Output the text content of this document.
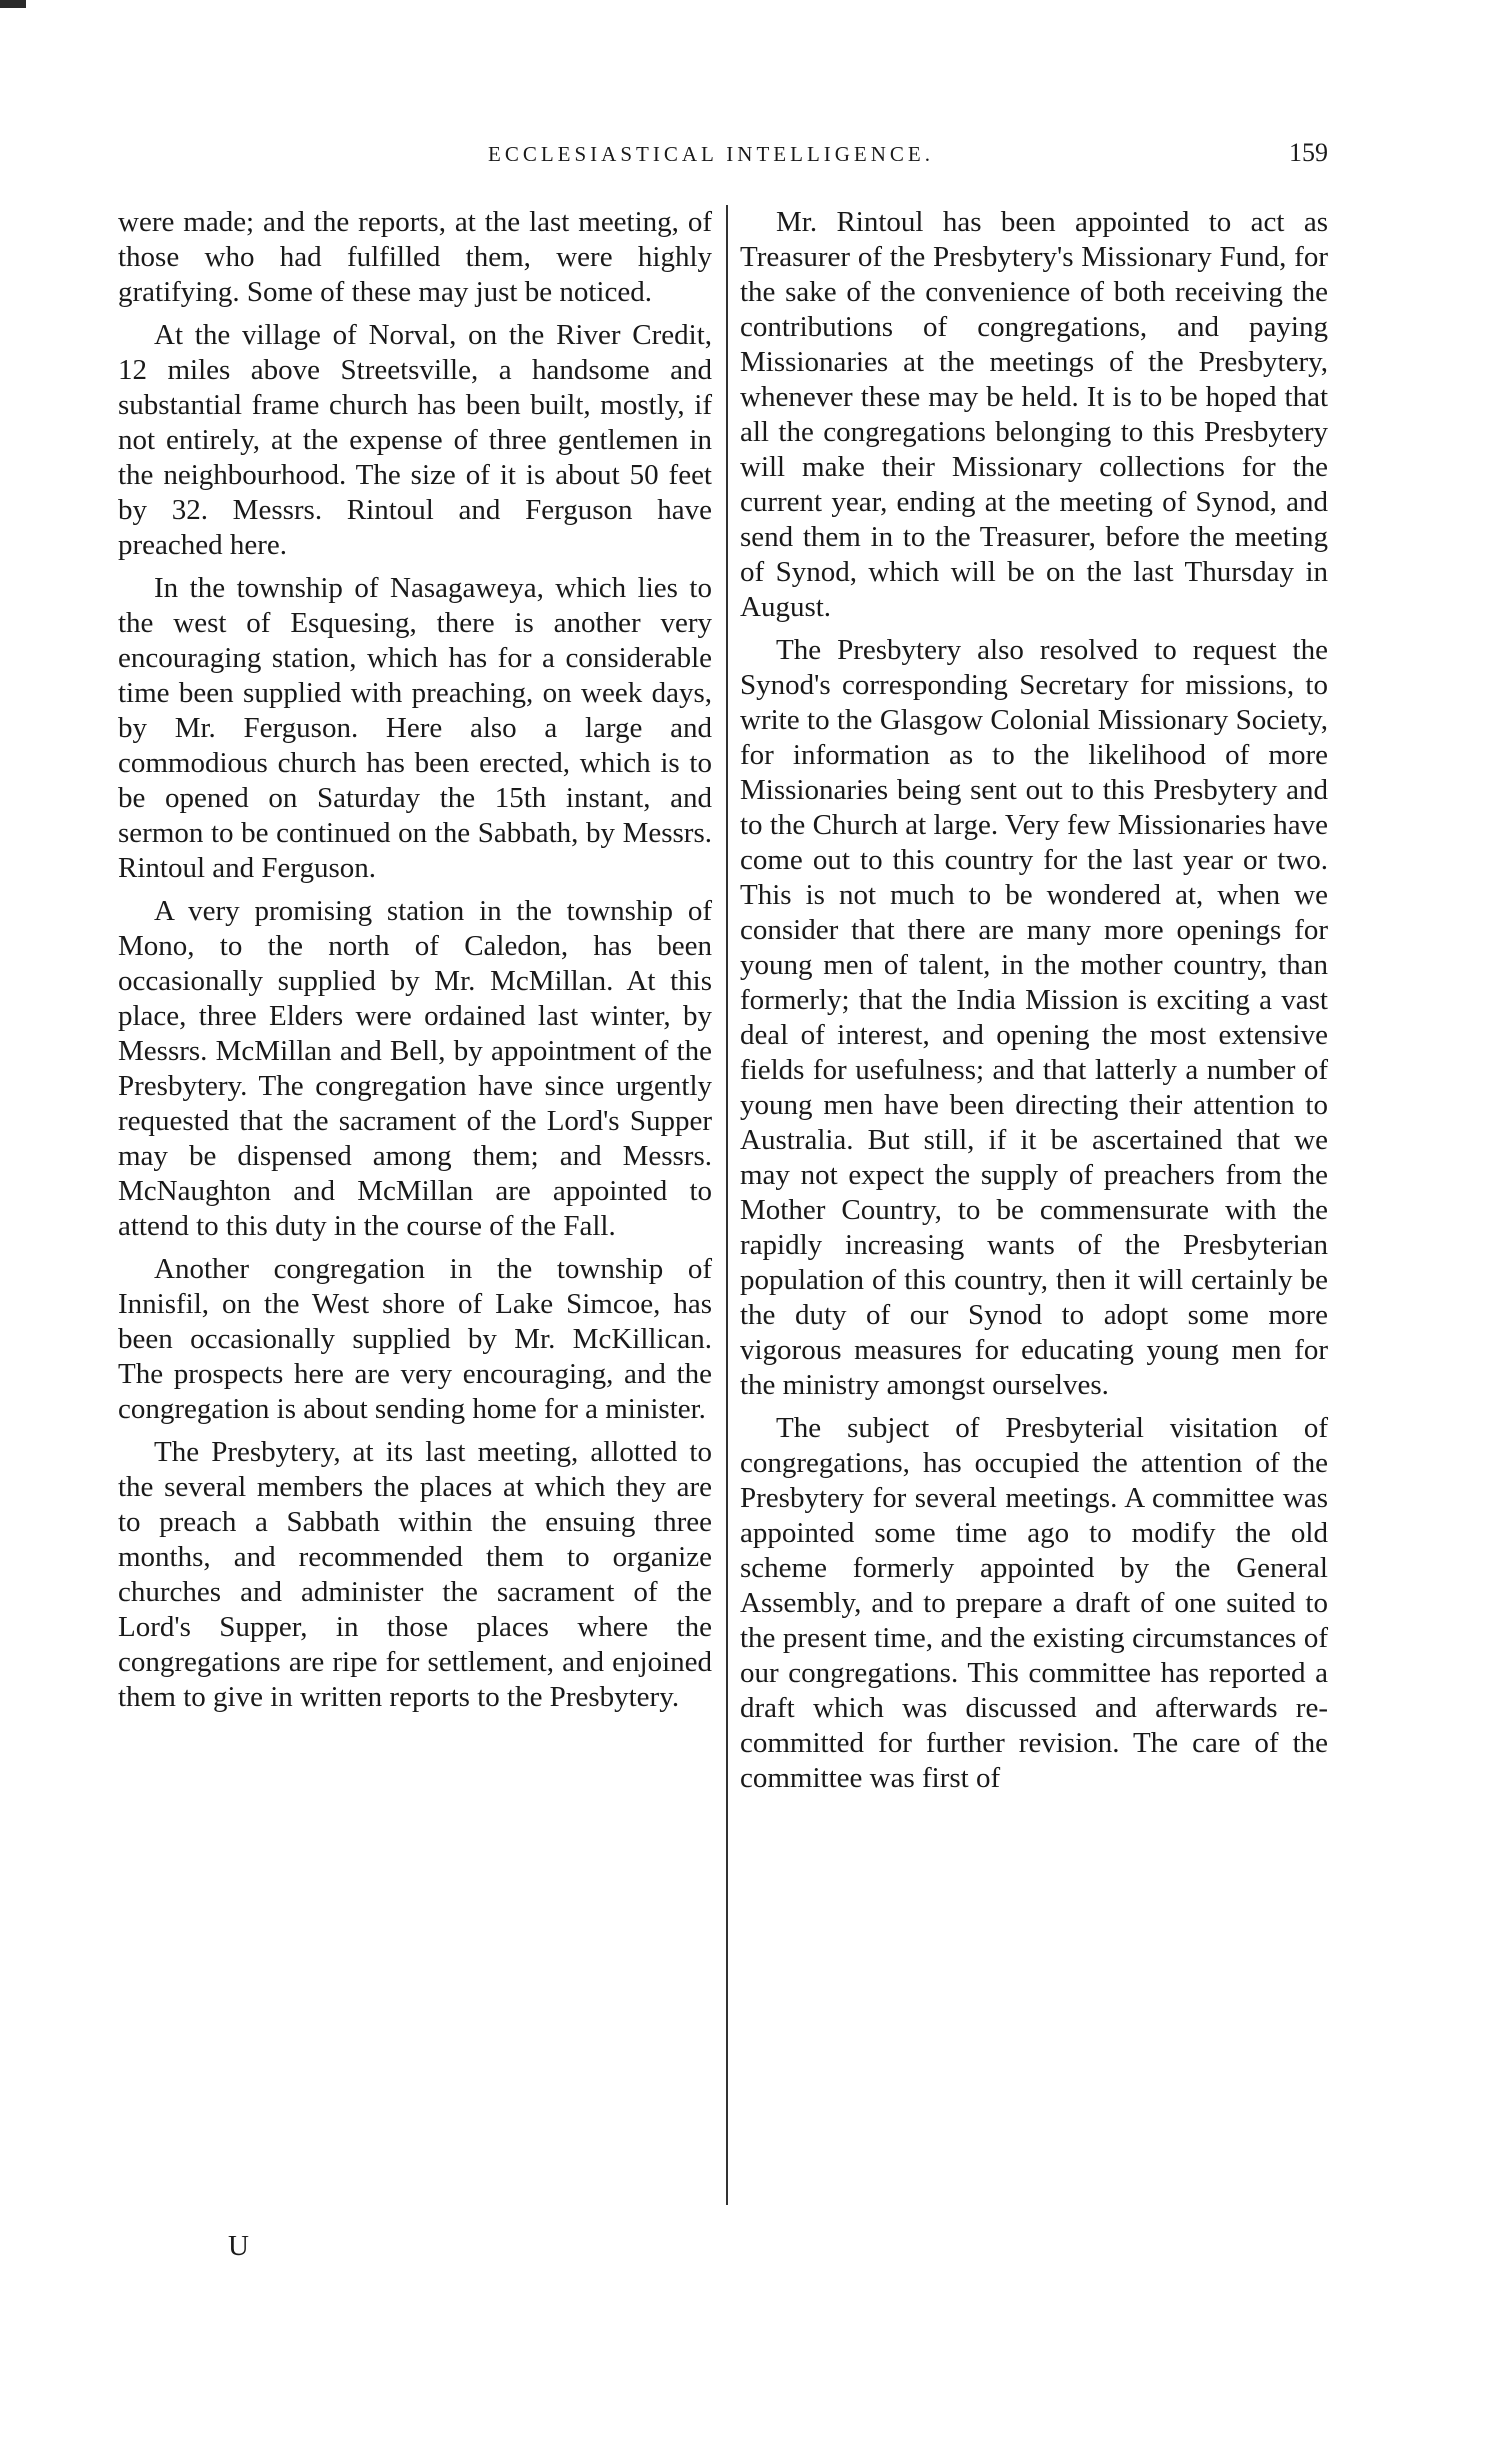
ECCLESIASTICAL INTELLIGENCE.	159

were made; and the reports, at the last meeting, of those who had fulfilled them, were highly gratifying. Some of these may just be noticed.

At the village of Norval, on the River Credit, 12 miles above Streetsville, a handsome and substantial frame church has been built, mostly, if not entirely, at the expense of three gentlemen in the neighbourhood. The size of it is about 50 feet by 32. Messrs. Rintoul and Ferguson have preached here.

In the township of Nasagaweya, which lies to the west of Esquesing, there is another very encouraging station, which has for a considerable time been supplied with preaching, on week days, by Mr. Ferguson. Here also a large and commodious church has been erected, which is to be opened on Saturday the 15th instant, and sermon to be continued on the Sabbath, by Messrs. Rintoul and Ferguson.

A very promising station in the township of Mono, to the north of Caledon, has been occasionally supplied by Mr. McMillan. At this place, three Elders were ordained last winter, by Messrs. McMillan and Bell, by appointment of the Presbytery. The congregation have since urgently requested that the sacrament of the Lord's Supper may be dispensed among them; and Messrs. McNaughton and McMillan are appointed to attend to this duty in the course of the Fall.

Another congregation in the township of Innisfil, on the West shore of Lake Simcoe, has been occasionally supplied by Mr. McKillican. The prospects here are very encouraging, and the congregation is about sending home for a minister.

The Presbytery, at its last meeting, allotted to the several members the places at which they are to preach a Sabbath within the ensuing three months, and recommended them to organize churches and administer the sacrament of the Lord's Supper, in those places where the congregations are ripe for settlement, and enjoined them to give in written reports to the Presbytery.

Mr. Rintoul has been appointed to act as Treasurer of the Presbytery's Missionary Fund, for the sake of the convenience of both receiving the contributions of congregations, and paying Missionaries at the meetings of the Presbytery, whenever these may be held. It is to be hoped that all the congregations belonging to this Presbytery will make their Missionary collections for the current year, ending at the meeting of Synod, and send them in to the Treasurer, before the meeting of Synod, which will be on the last Thursday in August.

The Presbytery also resolved to request the Synod's corresponding Secretary for missions, to write to the Glasgow Colonial Missionary Society, for information as to the likelihood of more Missionaries being sent out to this Presbytery and to the Church at large. Very few Missionaries have come out to this country for the last year or two. This is not much to be wondered at, when we consider that there are many more openings for young men of talent, in the mother country, than formerly; that the India Mission is exciting a vast deal of interest, and opening the most extensive fields for usefulness; and that latterly a number of young men have been directing their attention to Australia. But still, if it be ascertained that we may not expect the supply of preachers from the Mother Country, to be commensurate with the rapidly increasing wants of the Presbyterian population of this country, then it will certainly be the duty of our Synod to adopt some more vigorous measures for educating young men for the ministry amongst ourselves.

The subject of Presbyterial visitation of congregations, has occupied the attention of the Presbytery for several meetings. A committee was appointed some time ago to modify the old scheme formerly appointed by the General Assembly, and to prepare a draft of one suited to the present time, and the existing circumstances of our congregations. This committee has reported a draft which was discussed and afterwards re-committed for further revision. The care of the committee was first of

U
